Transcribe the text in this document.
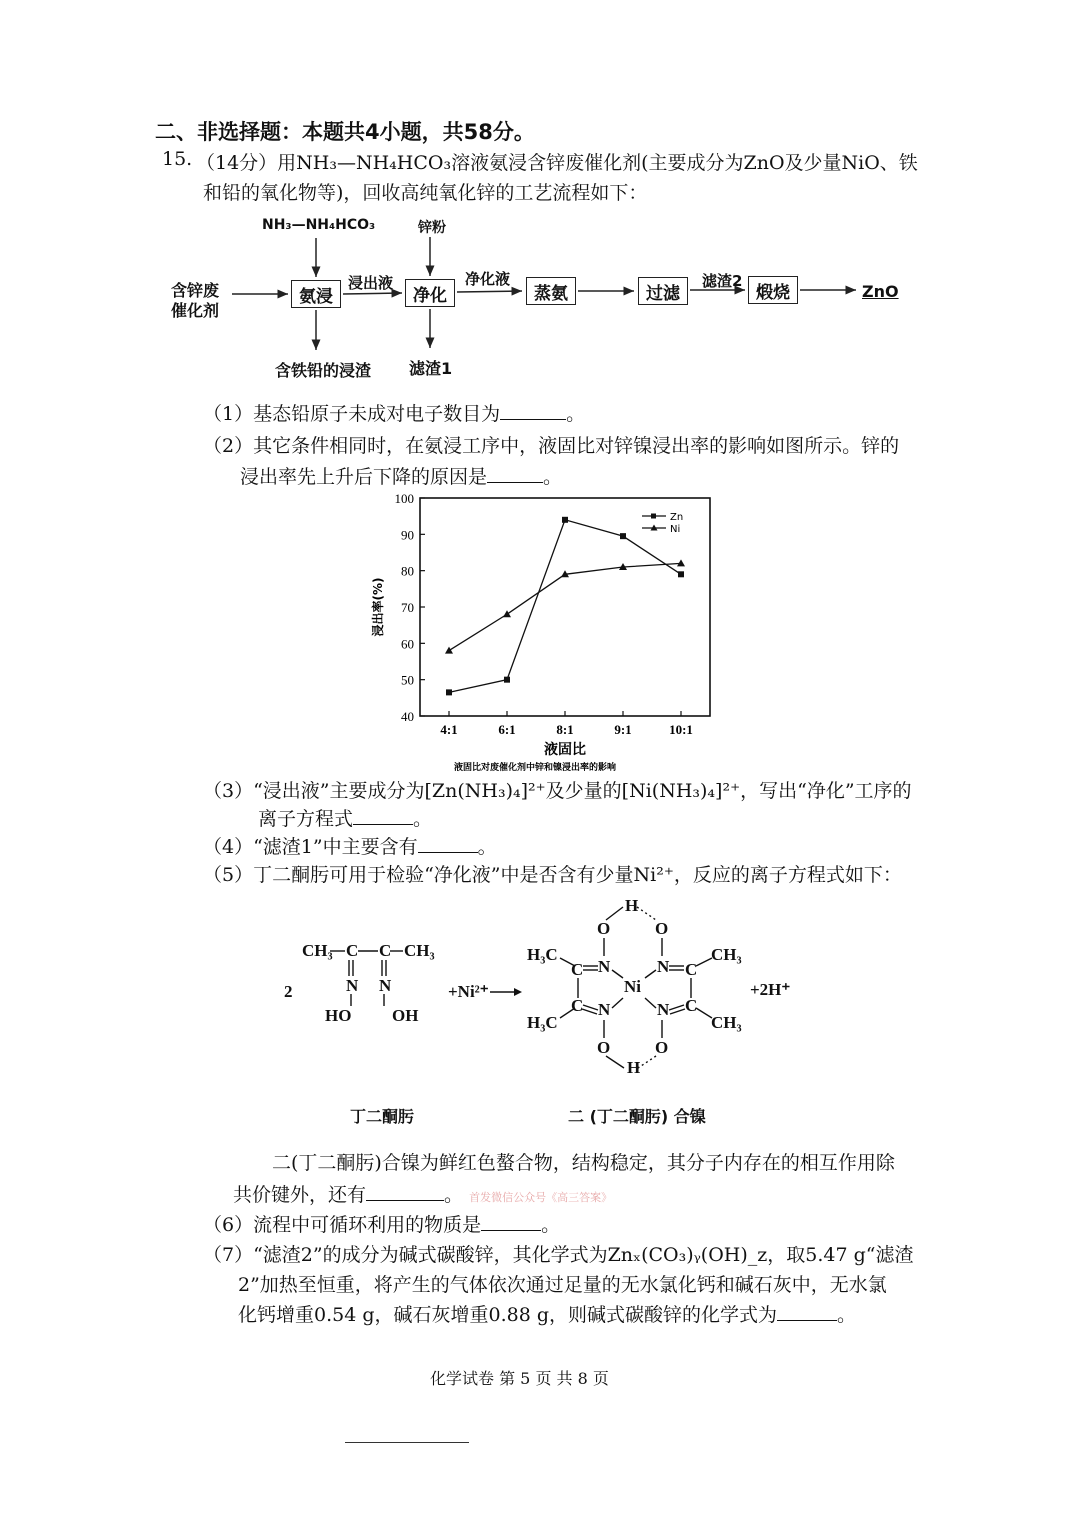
二、非选择题：本题共4小题，共58分。
15. （14分）用NH₃—NH₄HCO₃溶液氨浸含锌废催化剂(主要成分为ZnO及少量NiO、铁
和铅的氧化物等)，回收高纯氧化锌的工艺流程如下：
含锌废
催化剂
NH₃—NH₄HCO₃	锌粉
氨浸	净化	蒸氨	过滤	煅烧
浸出液	净化液	滤渣2
ZnO
含铁铅的浸渣 滤渣1
（1）基态铅原子未成对电子数目为	。
（2）其它条件相同时，在氨浸工序中，液固比对锌镍浸出率的影响如图所示。锌的
浸出率先上升后下降的原因是	。
40
50
60
70
80
90
100
4:1	6:1	8:1	9:1	10:1
液固比
浸出率(%)
液固比对废催化剂中锌和镍浸出率的影响
Zn
Ni
（3）“浸出液”主要成分为[Zn(NH₃)₄]²⁺及少量的[Ni(NH₃)₄]²⁺，写出“净化”工序的
离子方程式	。
（4）“滤渣1”中主要含有	。
（5）丁二酮肟可用于检验“净化液”中是否含有少量Ni²⁺，反应的离子方程式如下：
2
CH₃ C C CH₃
N N
HO OH
+Ni²⁺ →
H
O	O
H₃C
C N	N C
CH₃
Ni
C N	N C
H₃C	CH₃
O	O
H
+2H⁺
丁二酮肟	二 (丁二酮肟) 合镍
二(丁二酮肟)合镍为鲜红色螯合物，结构稳定，其分子内存在的相互作用除
共价键外，还有	。 首发微信公众号《高三答案》
（6）流程中可循环利用的物质是	。
（7）“滤渣2”的成分为碱式碳酸锌，其化学式为Znₓ(CO₃)ᵧ(OH)_z，取5.47 g“滤渣
2”加热至恒重，将产生的气体依次通过足量的无水氯化钙和碱石灰中，无水氯
化钙增重0.54 g，碱石灰增重0.88 g，则碱式碳酸锌的化学式为	。
化学试卷 第 5 页 共 8 页
